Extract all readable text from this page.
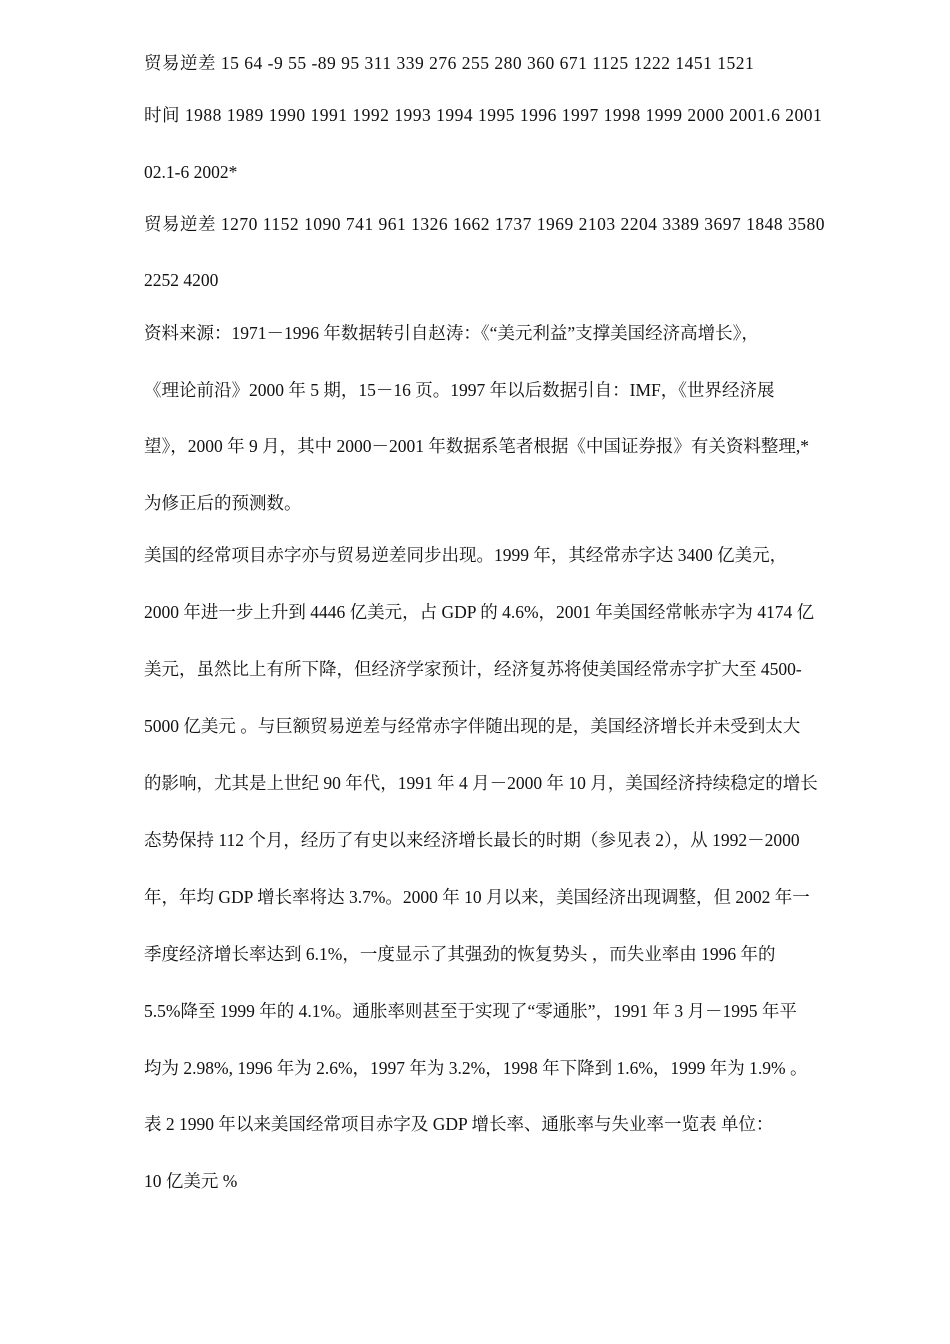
贸易逆差 15 64 -9 55 -89 95 311 339 276 255 280 360 671 1125 1222 1451 1521
时间 1988 1989 1990 1991 1992 1993 1994 1995 1996 1997 1998 1999 2000 2001.6 2001
02.1-6 2002*
贸易逆差 1270 1152 1090 741 961 1326 1662 1737 1969 2103 2204 3389 3697 1848 3580
2252 4200
资料来源：1971－1996 年数据转引自赵涛：《“美元利益”支撑美国经济高增长》，
《理论前沿》2000 年 5 期，15－16 页。1997 年以后数据引自：IMF，《世界经济展
望》，2000 年 9 月，其中 2000－2001 年数据系笔者根据《中国证券报》有关资料整理,*
为修正后的预测数。
美国的经常项目赤字亦与贸易逆差同步出现。1999 年，其经常赤字达 3400 亿美元，
2000 年进一步上升到 4446 亿美元，占 GDP 的 4.6%，2001 年美国经常帐赤字为 4174 亿
美元，虽然比上有所下降，但经济学家预计，经济复苏将使美国经常赤字扩大至 4500-
5000 亿美元 。与巨额贸易逆差与经常赤字伴随出现的是，美国经济增长并未受到太大
的影响，尤其是上世纪 90 年代，1991 年 4 月－2000 年 10 月，美国经济持续稳定的增长
态势保持 112 个月，经历了有史以来经济增长最长的时期（参见表 2），从 1992－2000
年，年均 GDP 增长率将达 3.7%。2000 年 10 月以来，美国经济出现调整，但 2002 年一
季度经济增长率达到 6.1%，一度显示了其强劲的恢复势头 ，而失业率由 1996 年的
5.5%降至 1999 年的 4.1%。通胀率则甚至于实现了“零通胀”，1991 年 3 月－1995 年平
均为 2.98%, 1996 年为 2.6%，1997 年为 3.2%，1998 年下降到 1.6%，1999 年为 1.9% 。
表 2 1990 年以来美国经常项目赤字及 GDP 增长率、通胀率与失业率一览表 单位：
10 亿美元 %
